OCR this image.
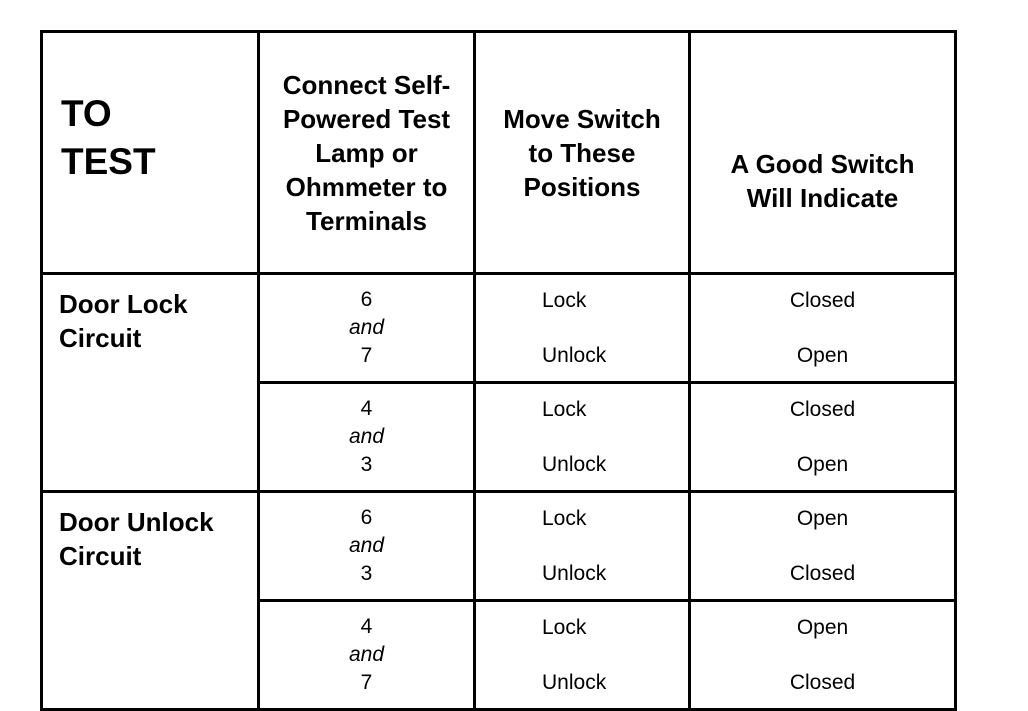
TO
TEST	Connect Self-
Powered Test
Lamp or
Ohmmeter to
Terminals	Move Switch
to These
Positions	A Good Switch
Will Indicate

Door Lock
Circuit	6
and
7	Lock
Unlock	Closed
Open

	4
and
3	Lock
Unlock	Closed
Open

Door Unlock
Circuit	6
and
3	Lock
Unlock	Open
Closed

	4
and
7	Lock
Unlock	Open
Closed
